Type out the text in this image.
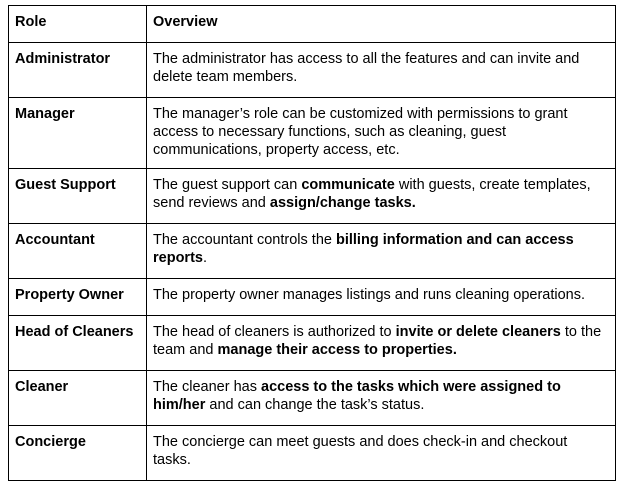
Role	Overview
Administrator	The administrator has access to all the features and can invite and delete team members.
Manager	The manager’s role can be customized with permissions to grant access to necessary functions, such as cleaning, guest communications, property access, etc.
Guest Support	The guest support can communicate with guests, create templates, send reviews and assign/change tasks.
Accountant	The accountant controls the billing information and can access reports.
Property Owner	The property owner manages listings and runs cleaning operations.
Head of Cleaners	The head of cleaners is authorized to invite or delete cleaners to the team and manage their access to properties.
Cleaner	The cleaner has access to the tasks which were assigned to him/her and can change the task’s status.
Concierge	The concierge can meet guests and does check-in and checkout tasks.
